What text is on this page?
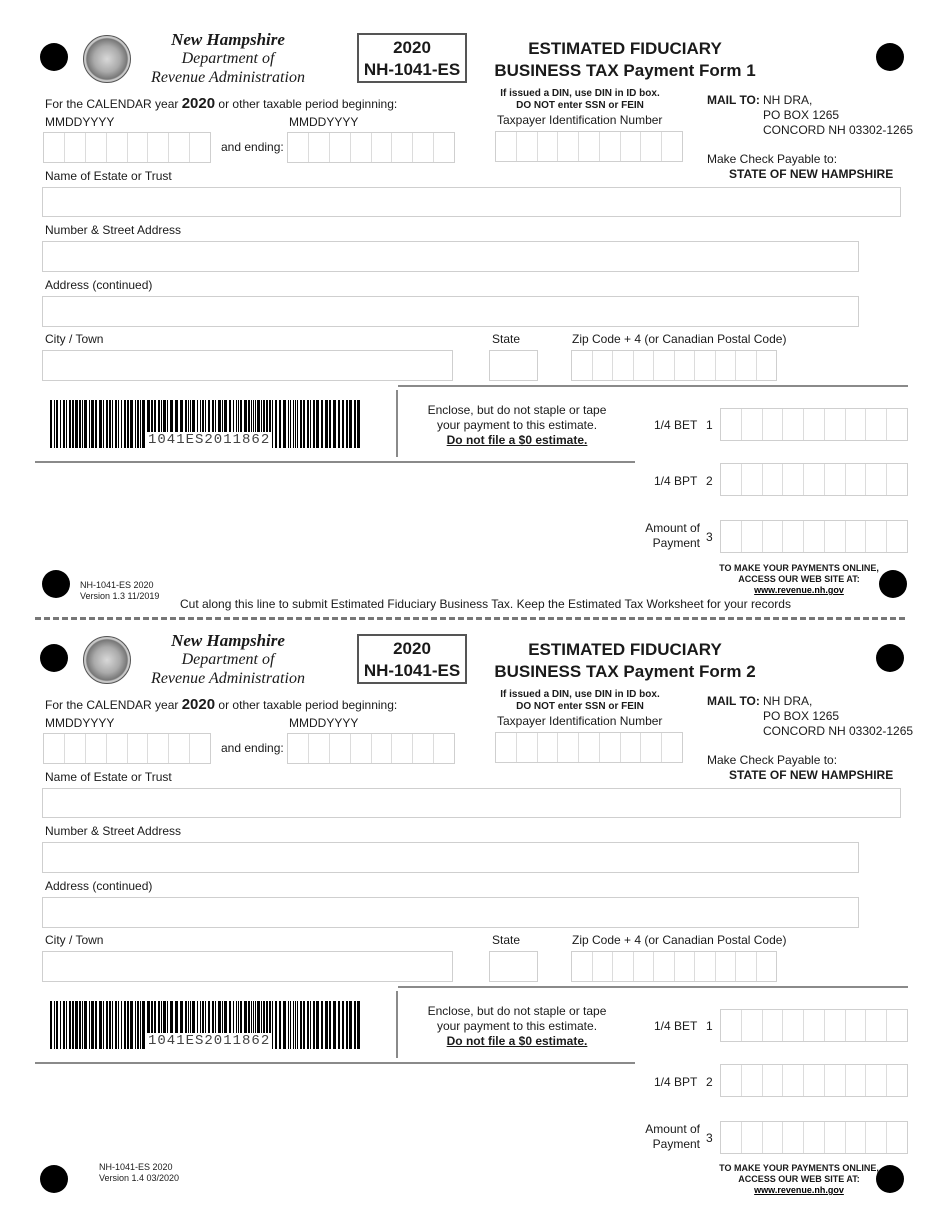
New Hampshire
Department of
Revenue Administration
2020
NH-1041-ES
ESTIMATED FIDUCIARY
BUSINESS TAX Payment Form 1
For the CALENDAR year 2020 or other taxable period beginning:
MMDDYYYY	MMDDYYYY
and ending:
If issued a DIN, use DIN in ID box.
DO NOT enter SSN or FEIN
Taxpayer Identification Number
MAIL TO: NH DRA,
PO BOX 1265
CONCORD NH 03302-1265
Make Check Payable to:
STATE OF NEW HAMPSHIRE
Name of Estate or Trust
Number & Street Address
Address (continued)
City / Town	State	Zip Code + 4 (or Canadian Postal Code)
1041ES2011862
Enclose, but do not staple or tape
your payment to this estimate.
Do not file a $0 estimate.
1/4 BET 1
1/4 BPT 2
Amount of
Payment 3
TO MAKE YOUR PAYMENTS ONLINE,
ACCESS OUR WEB SITE AT:
www.revenue.nh.gov
New Hampshire
Department of
Revenue Administration
2020
NH-1041-ES
ESTIMATED FIDUCIARY
BUSINESS TAX Payment Form 2
For the CALENDAR year 2020 or other taxable period beginning:
MMDDYYYY	MMDDYYYY
and ending:
If issued a DIN, use DIN in ID box.
DO NOT enter SSN or FEIN
Taxpayer Identification Number
MAIL TO: NH DRA,
PO BOX 1265
CONCORD NH 03302-1265
Make Check Payable to:
STATE OF NEW HAMPSHIRE
Name of Estate or Trust
Number & Street Address
Address (continued)
City / Town	State	Zip Code + 4 (or Canadian Postal Code)
1041ES2011862
Enclose, but do not staple or tape
your payment to this estimate.
Do not file a $0 estimate.
1/4 BET 1
1/4 BPT 2
Amount of
Payment 3
TO MAKE YOUR PAYMENTS ONLINE,
ACCESS OUR WEB SITE AT:
www.revenue.nh.gov
NH-1041-ES 2020
Version 1.3 11/2019
Cut along this line to submit Estimated Fiduciary Business Tax. Keep the Estimated Tax Worksheet for your records
NH-1041-ES 2020
Version 1.4 03/2020
